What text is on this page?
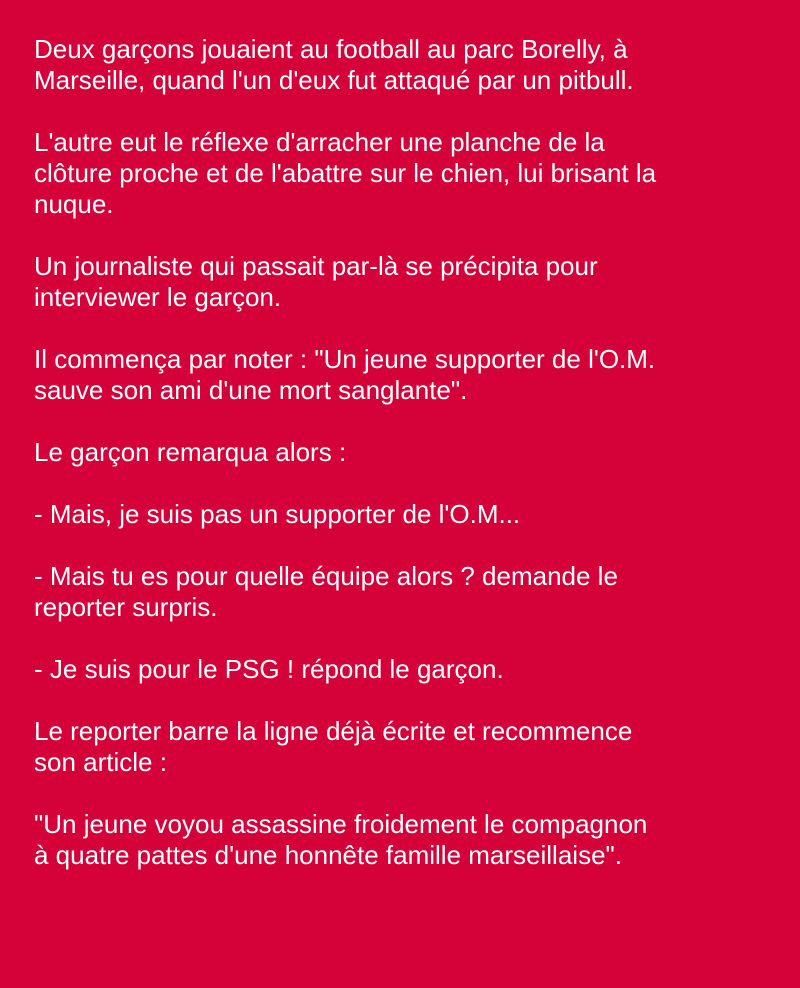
Deux garçons jouaient au football au parc Borelly, à
Marseille, quand l'un d'eux fut attaqué par un pitbull.

L'autre eut le réflexe d'arracher une planche de la
clôture proche et de l'abattre sur le chien, lui brisant la
nuque.

Un journaliste qui passait par-là se précipita pour
interviewer le garçon.

Il commença par noter : "Un jeune supporter de l'O.M.
sauve son ami d'une mort sanglante".

Le garçon remarqua alors :

- Mais, je suis pas un supporter de l'O.M...

- Mais tu es pour quelle équipe alors ? demande le
reporter surpris.

- Je suis pour le PSG ! répond le garçon.

Le reporter barre la ligne déjà écrite et recommence
son article :

"Un jeune voyou assassine froidement le compagnon
à quatre pattes d'une honnête famille marseillaise".
